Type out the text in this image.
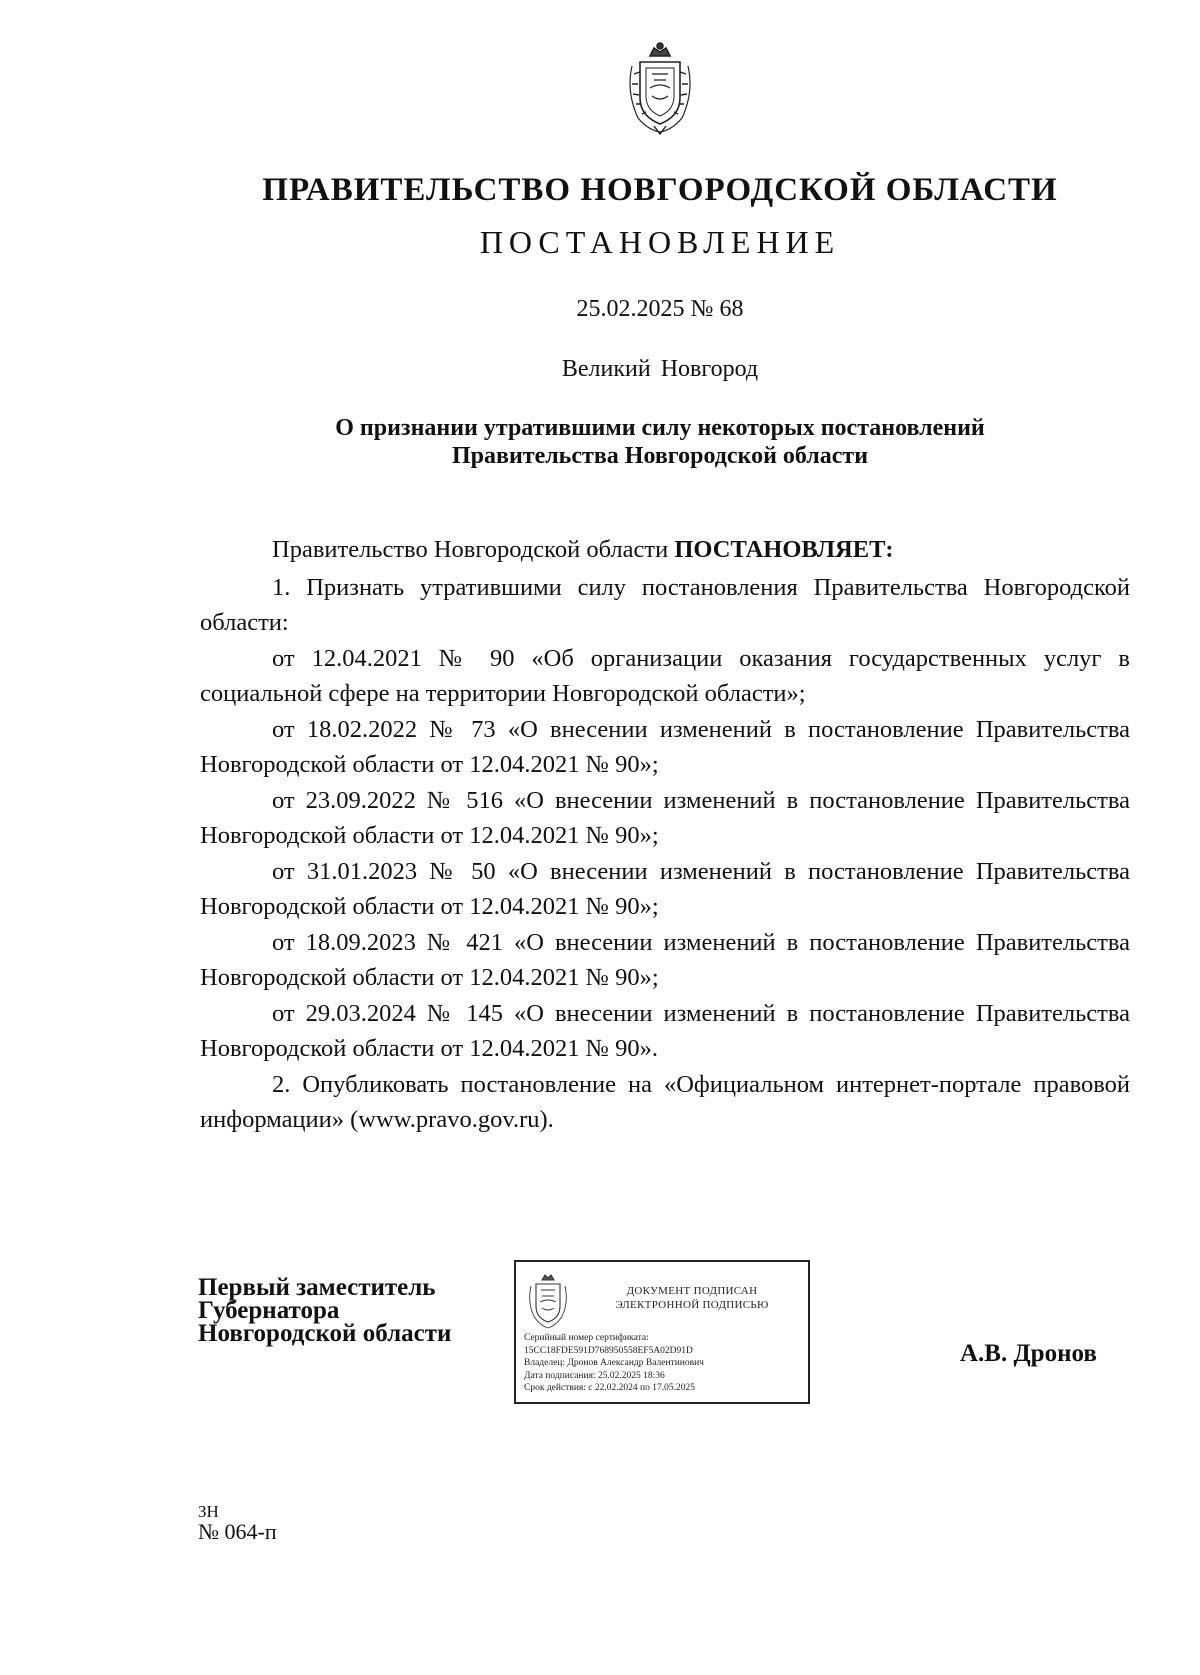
ПРАВИТЕЛЬСТВО НОВГОРОДСКОЙ ОБЛАСТИ
ПОСТАНОВЛЕНИЕ
25.02.2025 № 68
Великий Новгород
О признании утратившими силу некоторых постановлений
Правительства Новгородской области

Правительство Новгородской области ПОСТАНОВЛЯЕТ:

1. Признать утратившими силу постановления Правительства Новгородской области:

от 12.04.2021 № 90 «Об организации оказания государственных услуг в социальной сфере на территории Новгородской области»;

от 18.02.2022 № 73 «О внесении изменений в постановление Правительства Новгородской области от 12.04.2021 № 90»;

от 23.09.2022 № 516 «О внесении изменений в постановление Правительства Новгородской области от 12.04.2021 № 90»;

от 31.01.2023 № 50 «О внесении изменений в постановление Правительства Новгородской области от 12.04.2021 № 90»;

от 18.09.2023 № 421 «О внесении изменений в постановление Правительства Новгородской области от 12.04.2021 № 90»;

от 29.03.2024 № 145 «О внесении изменений в постановление Правительства Новгородской области от 12.04.2021 № 90».

2. Опубликовать постановление на «Официальном интернет-портале правовой информации» (www.pravo.gov.ru).

Первый заместитель
Губернатора
Новгородской области
ДОКУМЕНТ ПОДПИСАН
ЭЛЕКТРОННОЙ ПОДПИСЬЮ
Серийный номер сертификата:
15CC18FDE591D768950558EF5A02D91D
Владелец: Дронов Александр Валентинович
Дата подписания: 25.02.2025 18:36
Срок действия: с 22.02.2024 по 17.05.2025
А.В. Дронов
ЗН
№ 064-п
